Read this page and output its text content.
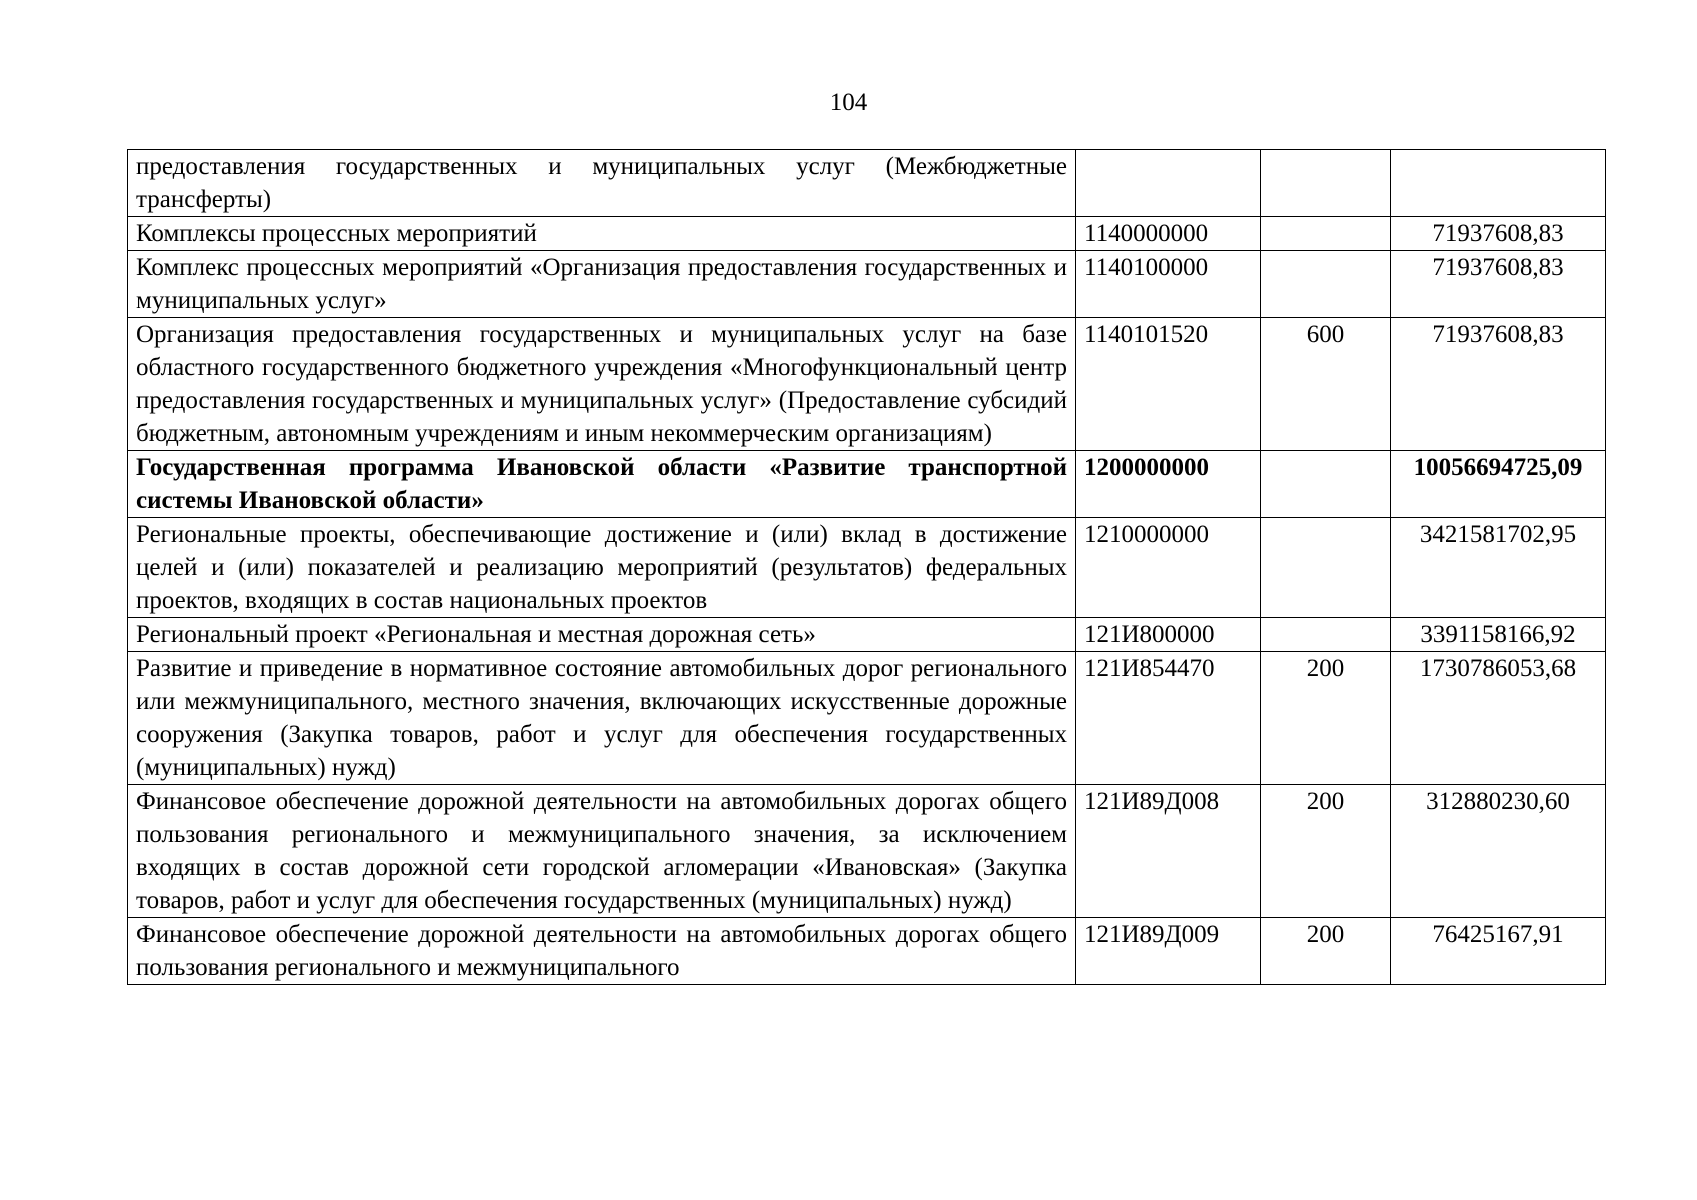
104
предоставления государственных и муниципальных услуг (Межбюджетные трансферты)			
Комплексы процессных мероприятий	1140000000		71937608,83
Комплекс процессных мероприятий «Организация предоставления государственных и муниципальных услуг»	1140100000		71937608,83
Организация предоставления государственных и муниципальных услуг на базе областного государственного бюджетного учреждения «Многофункциональный центр предоставления государственных и муниципальных услуг» (Предоставление субсидий бюджетным, автономным учреждениям и иным некоммерческим организациям)	1140101520	600	71937608,83
Государственная программа Ивановской области «Развитие транспортной системы Ивановской области»	1200000000		10056694725,09
Региональные проекты, обеспечивающие достижение и (или) вклад в достижение целей и (или) показателей и реализацию мероприятий (результатов) федеральных проектов, входящих в состав национальных проектов	1210000000		3421581702,95
Региональный проект «Региональная и местная дорожная сеть»	121И800000		3391158166,92
Развитие и приведение в нормативное состояние автомобильных дорог регионального или межмуниципального, местного значения, включающих искусственные дорожные сооружения (Закупка товаров, работ и услуг для обеспечения государственных (муниципальных) нужд)	121И854470	200	1730786053,68
Финансовое обеспечение дорожной деятельности на автомобильных дорогах общего пользования регионального и межмуниципального значения, за исключением входящих в состав дорожной сети городской агломерации «Ивановская» (Закупка товаров, работ и услуг для обеспечения государственных (муниципальных) нужд)	121И89Д008	200	312880230,60
Финансовое обеспечение дорожной деятельности на автомобильных дорогах общего пользования регионального и межмуниципального	121И89Д009	200	76425167,91
